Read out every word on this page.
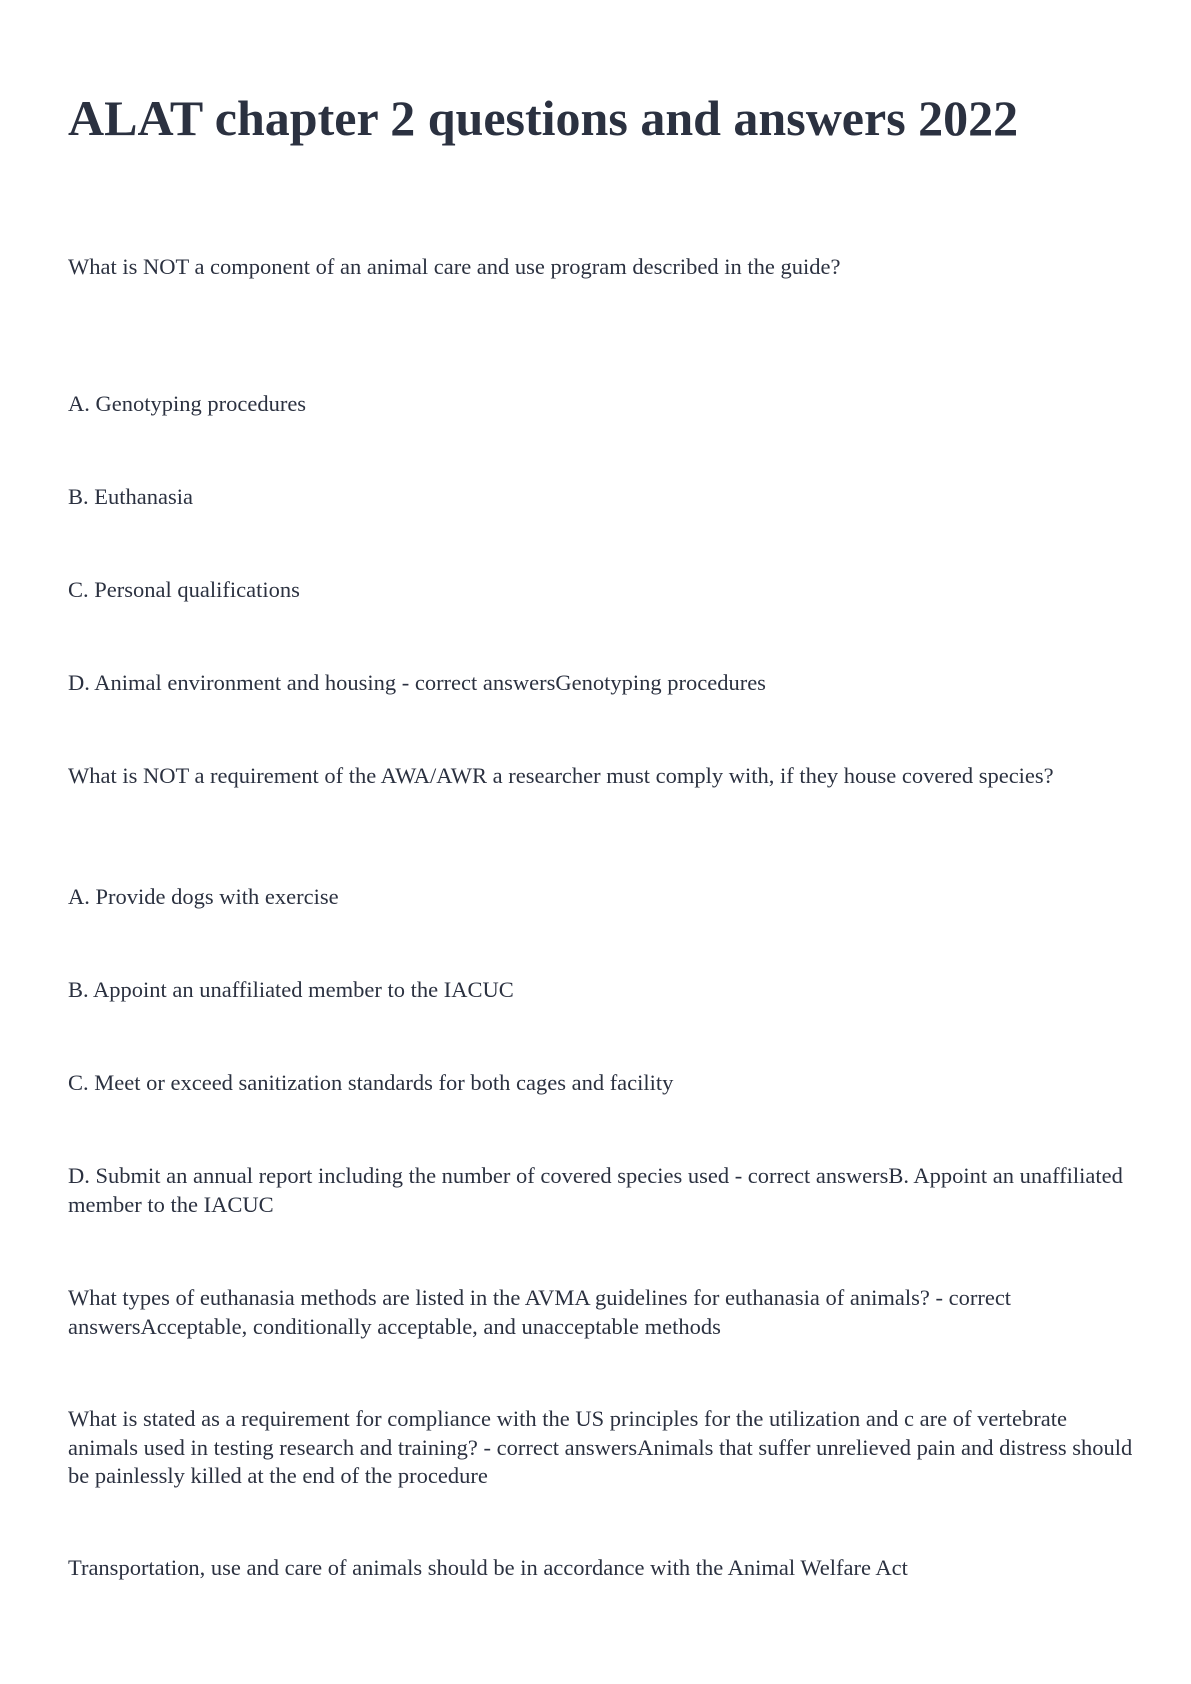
ALAT chapter 2 questions and answers 2022

What is NOT a component of an animal care and use program described in the guide?

A. Genotyping procedures

B. Euthanasia

C. Personal qualifications

D. Animal environment and housing - correct answersGenotyping procedures

What is NOT a requirement of the AWA/AWR a researcher must comply with, if they house covered species?

A. Provide dogs with exercise

B. Appoint an unaffiliated member to the IACUC

C. Meet or exceed sanitization standards for both cages and facility

D. Submit an annual report including the number of covered species used - correct answersB. Appoint an unaffiliated member to the IACUC

What types of euthanasia methods are listed in the AVMA guidelines for euthanasia of animals? - correct answersAcceptable, conditionally acceptable, and unacceptable methods

What is stated as a requirement for compliance with the US principles for the utilization and c are of vertebrate animals used in testing research and training? - correct answersAnimals that suffer unrelieved pain and distress should be painlessly killed at the end of the procedure

Transportation, use and care of animals should be in accordance with the Animal Welfare Act
